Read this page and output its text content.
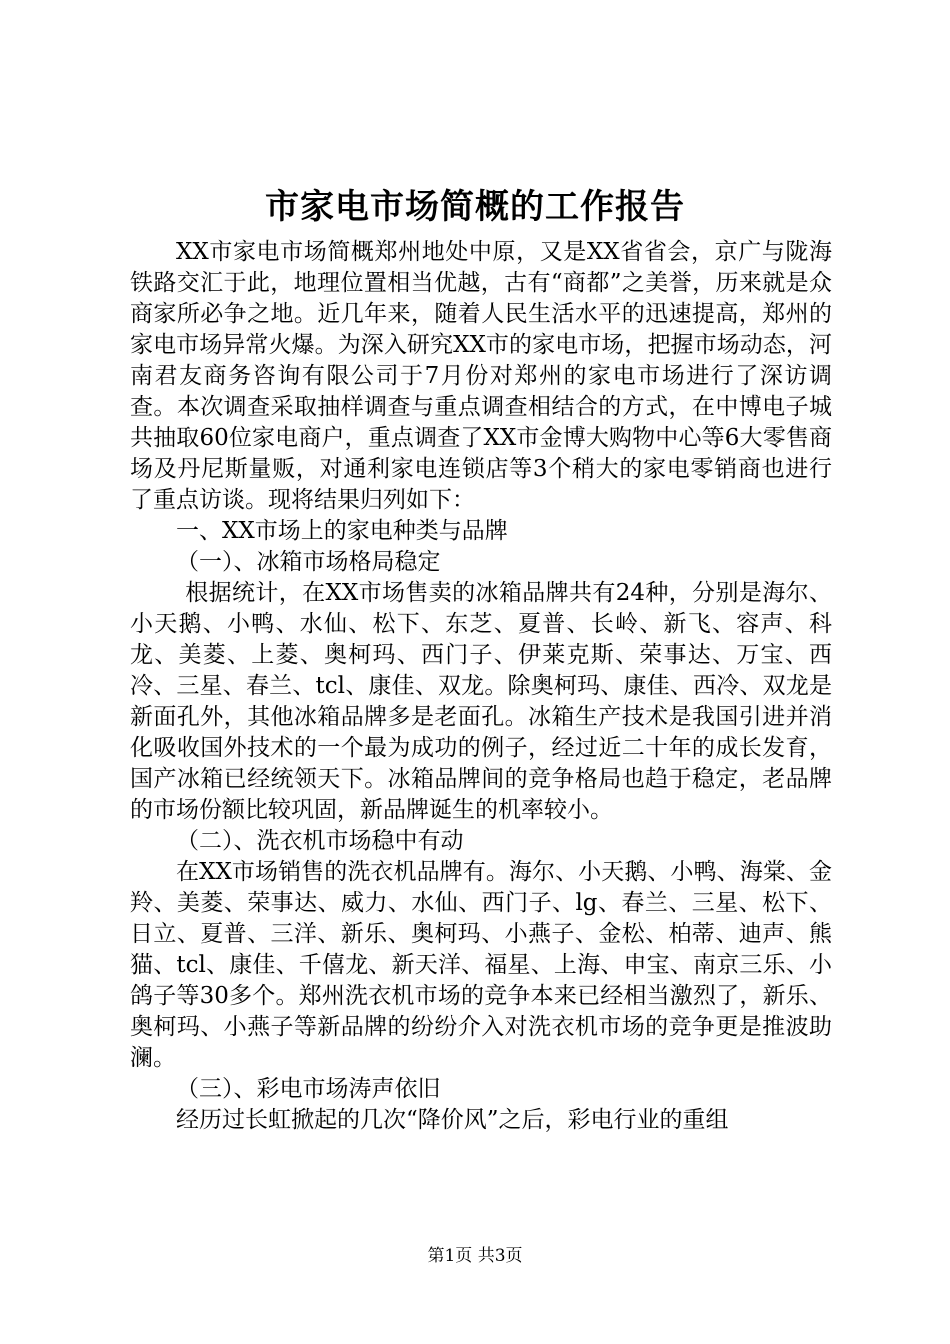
市家电市场简概的工作报告

XX市家电市场简概郑州地处中原，又是XX省省会，京广与陇海铁路交汇于此，地理位置相当优越，古有“商都”之美誉，历来就是众商家所必争之地。近几年来，随着人民生活水平的迅速提高，郑州的家电市场异常火爆。为深入研究XX市的家电市场，把握市场动态，河南君友商务咨询有限公司于7月份对郑州的家电市场进行了深访调查。本次调查采取抽样调查与重点调查相结合的方式，在中博电子城共抽取60位家电商户，重点调查了XX市金博大购物中心等6大零售商场及丹尼斯量贩，对通利家电连锁店等3个稍大的家电零销商也进行了重点访谈。现将结果归列如下：

一、XX市场上的家电种类与品牌

（一）、冰箱市场格局稳定

根据统计，在XX市场售卖的冰箱品牌共有24种，分别是海尔、小天鹅、小鸭、水仙、松下、东芝、夏普、长岭、新飞、容声、科龙、美菱、上菱、奥柯玛、西门子、伊莱克斯、荣事达、万宝、西冷、三星、春兰、tcl、康佳、双龙。除奥柯玛、康佳、西冷、双龙是新面孔外，其他冰箱品牌多是老面孔。冰箱生产技术是我国引进并消化吸收国外技术的一个最为成功的例子，经过近二十年的成长发育，国产冰箱已经统领天下。冰箱品牌间的竞争格局也趋于稳定，老品牌的市场份额比较巩固，新品牌诞生的机率较小。

（二）、洗衣机市场稳中有动

在XX市场销售的洗衣机品牌有。海尔、小天鹅、小鸭、海棠、金羚、美菱、荣事达、威力、水仙、西门子、lg、春兰、三星、松下、日立、夏普、三洋、新乐、奥柯玛、小燕子、金松、柏蒂、迪声、熊猫、tcl、康佳、千僖龙、新天洋、福星、上海、申宝、南京三乐、小鸽子等30多个。郑州洗衣机市场的竞争本来已经相当激烈了，新乐、奥柯玛、小燕子等新品牌的纷纷介入对洗衣机市场的竞争更是推波助澜。

（三）、彩电市场涛声依旧

经历过长虹掀起的几次“降价风”之后，彩电行业的重组

第1页 共3页
